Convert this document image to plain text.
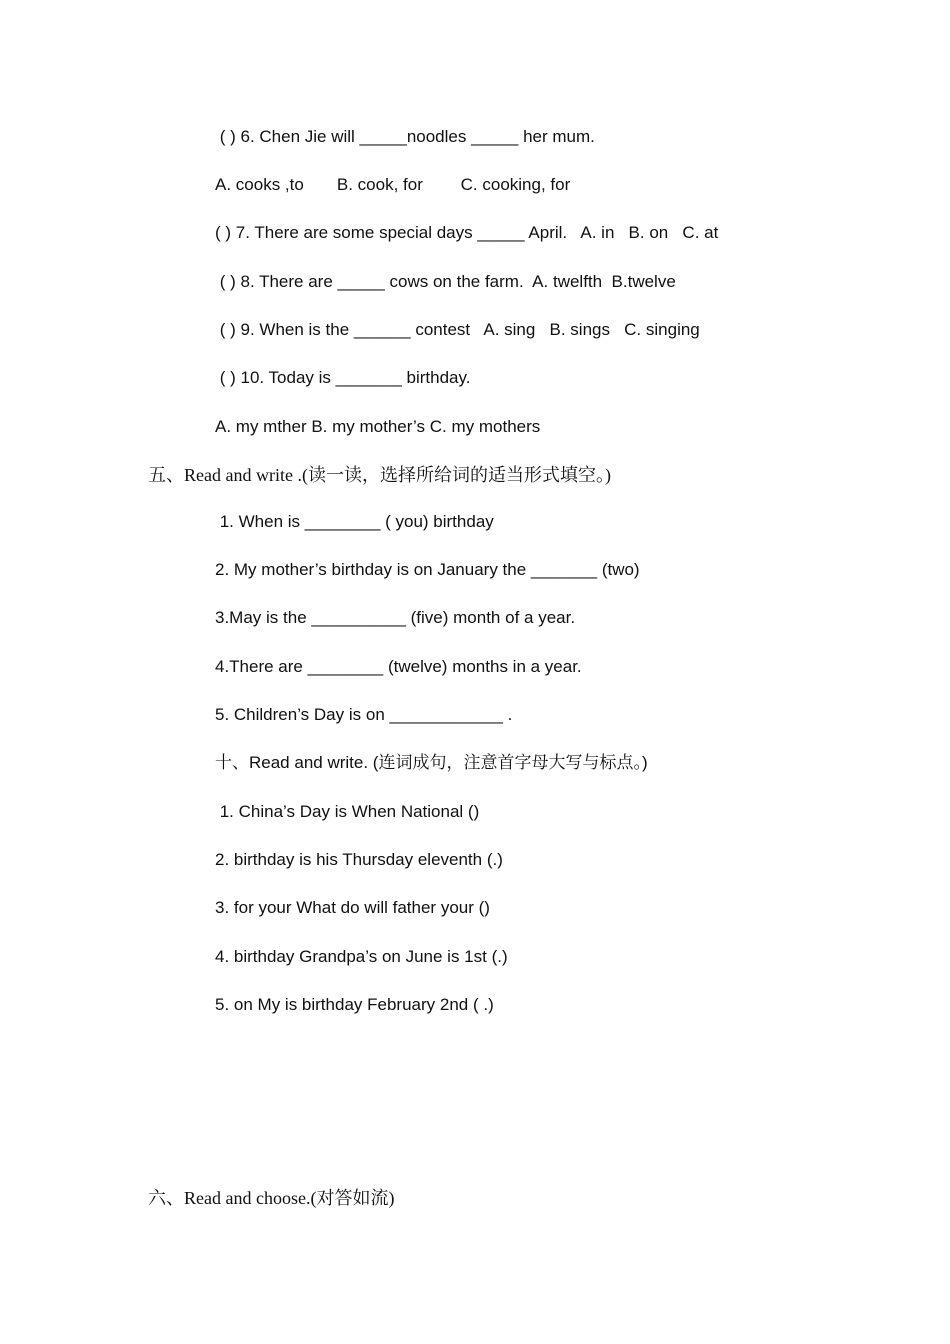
( ) 6. Chen Jie will _____noodles _____ her mum.
A. cooks ,to       B. cook, for        C. cooking, for
( ) 7. There are some special days _____ April.   A. in   B. on   C. at
( ) 8. There are _____ cows on the farm.  A. twelfth  B.twelve
( ) 9. When is the ______ contest   A. sing   B. sings   C. singing
( ) 10. Today is _______ birthday.
A. my mther B. my mother’s C. my mothers
五、Read and write .(读一读，选择所给词的适当形式填空。)
1. When is ________ ( you) birthday
2. My mother’s birthday is on January the _______ (two)
3.May is the __________ (five) month of a year.
4.There are ________ (twelve) months in a year.
5. Children’s Day is on ____________ .
十、Read and write. (连词成句，注意首字母大写与标点。)
1. China’s Day is When National ()
2. birthday is his Thursday eleventh (.)
3. for your What do will father your ()
4. birthday Grandpa’s on June is 1st (.)
5. on My is birthday February 2nd ( .)
六、Read and choose.(对答如流)
